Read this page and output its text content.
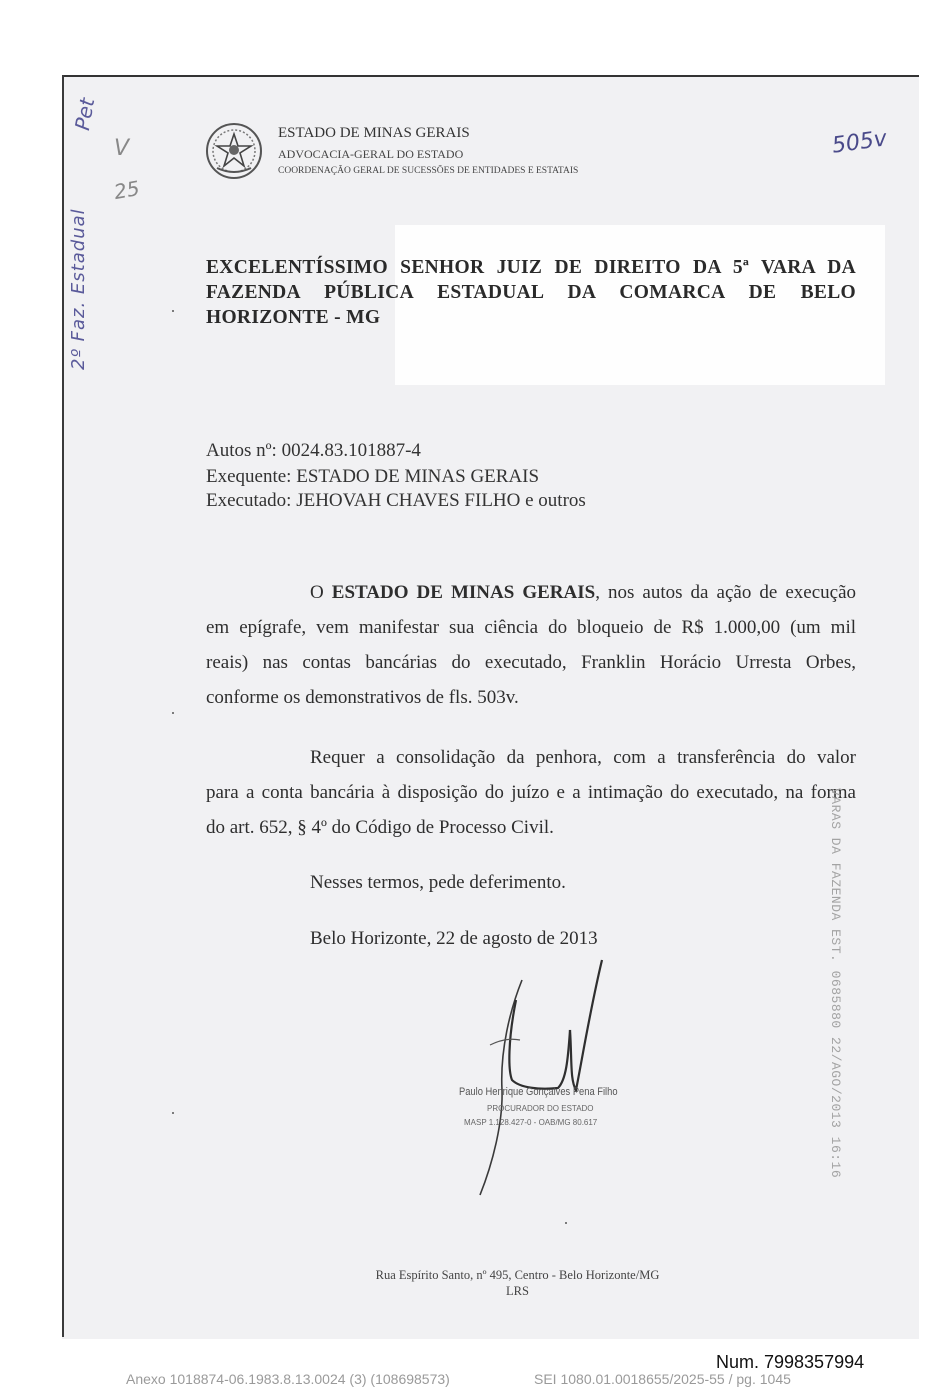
ESTADO DE MINAS GERAIS
ADVOCACIA-GERAL DO ESTADO
COORDENAÇÃO GERAL DE SUCESSÕES DE ENTIDADES E ESTATAIS
EXCELENTÍSSIMO SENHOR JUIZ DE DIREITO DA 5ª VARA DA
FAZENDA PÚBLICA ESTADUAL DA COMARCA DE BELO
HORIZONTE - MG
Autos nº: 0024.83.101887-4
Exequente: ESTADO DE MINAS GERAIS
Executado: JEHOVAH CHAVES FILHO e outros
O ESTADO DE MINAS GERAIS, nos autos da ação de execução
em epígrafe, vem manifestar sua ciência do bloqueio de R$ 1.000,00 (um mil
reais) nas contas bancárias do executado, Franklin Horácio Urresta Orbes,
conforme os demonstrativos de fls. 503v.
Requer a consolidação da penhora, com a transferência do valor
para a conta bancária à disposição do juízo e a intimação do executado, na forma
do art. 652, § 4º do Código de Processo Civil.
Nesses termos, pede deferimento.
Belo Horizonte, 22 de agosto de 2013
Paulo Henrique Gonçalves Pena Filho
PROCURADOR DO ESTADO
MASP 1.128.427-0 - OAB/MG 80.617	VARAS DA FAZENDA EST. 0685880 22/AGO/2013 16:16
2º Faz. Estadual
Pet
V
25
505v
Rua Espírito Santo, nº 495, Centro - Belo Horizonte/MG
LRS
Num. 7998357994
Anexo 1018874-06.1983.8.13.0024 (3) (108698573)	SEI 1080.01.0018655/2025-55 / pg. 1045
